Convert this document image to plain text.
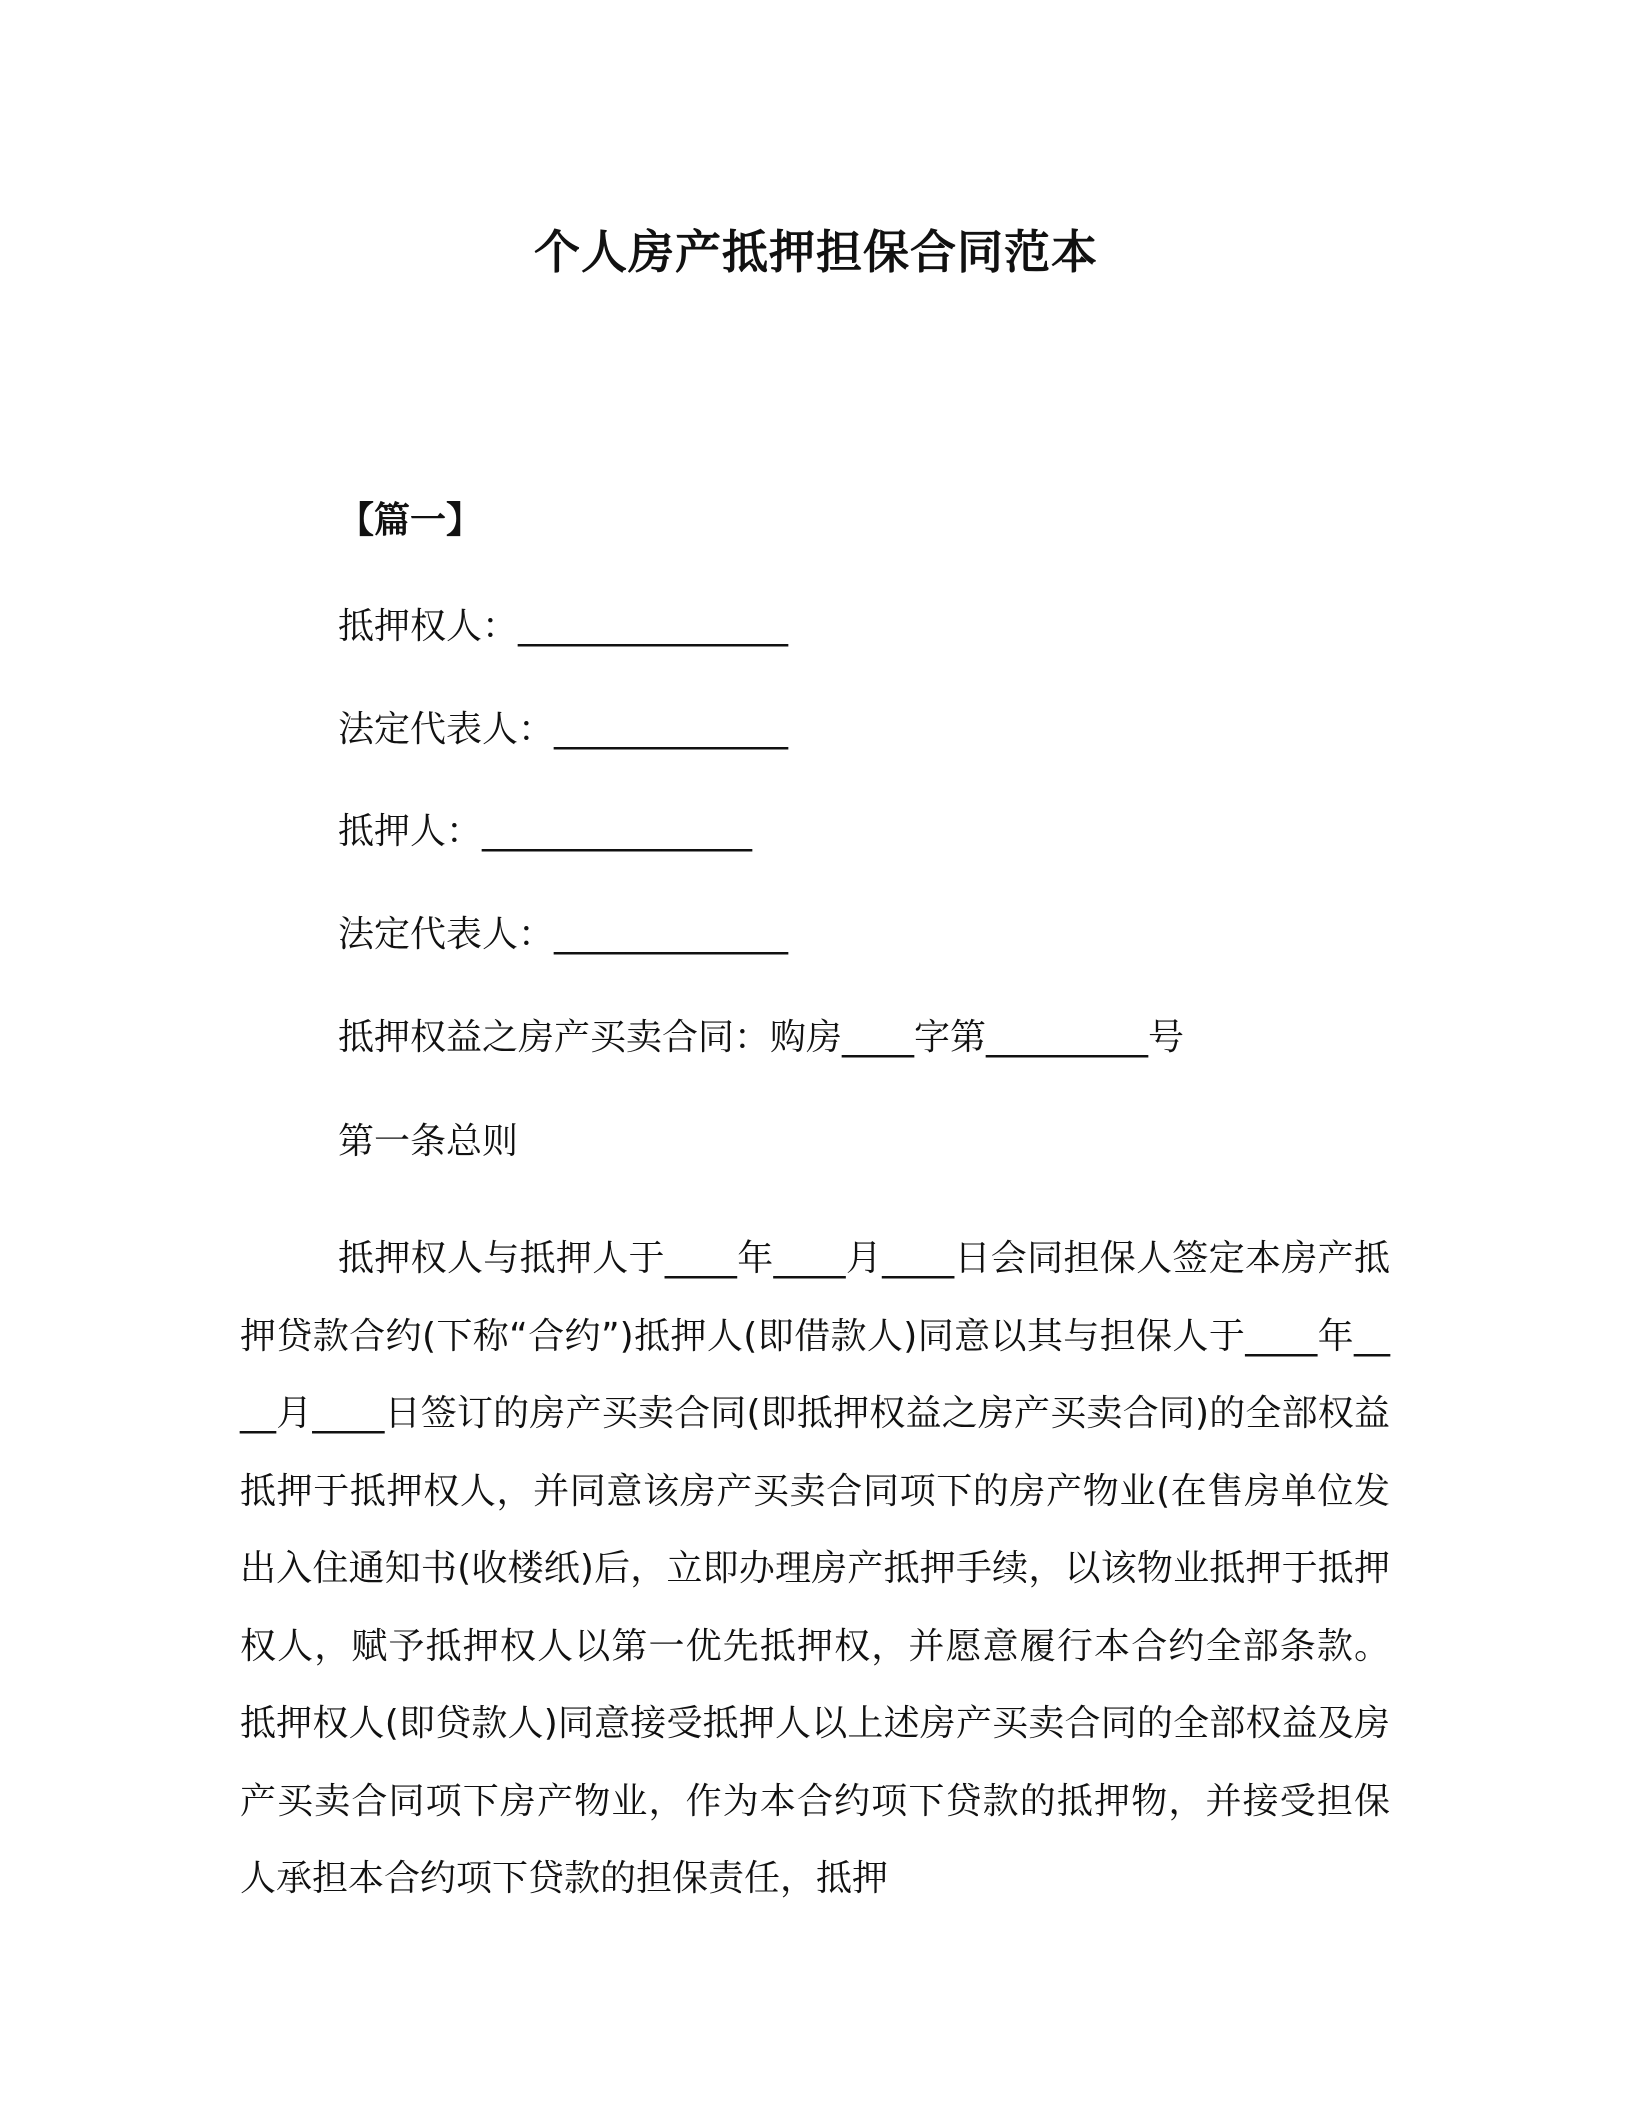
个人房产抵押担保合同范本

【篇一】

抵押权人：_______________

法定代表人：_____________

抵押人：_______________

法定代表人：_____________

抵押权益之房产买卖合同：购房____字第_________号

第一条总则

抵押权人与抵押人于____年____月____日会同担保人签定本房产抵押贷款合约(下称“合约”)抵押人(即借款人)同意以其与担保人于____年____月____日签订的房产买卖合同(即抵押权益之房产买卖合同)的全部权益抵押于抵押权人，并同意该房产买卖合同项下的房产物业(在售房单位发出入住通知书(收楼纸)后，立即办理房产抵押手续，以该物业抵押于抵押权人，赋予抵押权人以第一优先抵押权，并愿意履行本合约全部条款。抵押权人(即贷款人)同意接受抵押人以上述房产买卖合同的全部权益及房产买卖合同项下房产物业，作为本合约项下贷款的抵押物，并接受担保人承担本合约项下贷款的担保责任，抵押
